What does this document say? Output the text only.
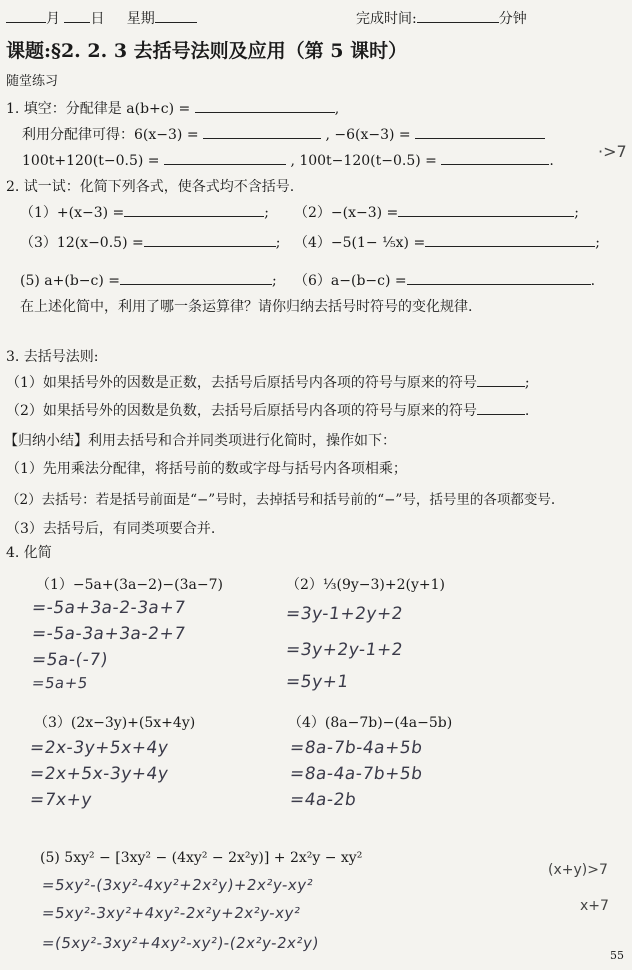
月 日 星期	完成时间:	分钟
课题:§2. 2. 3 去括号法则及应用（第 5 课时）
随堂练习
1. 填空：分配律是 a(b+c) =	,
利用分配律可得：6(x−3) =	, −6(x−3) =
100t+120(t−0.5) =	, 100t−120(t−0.5) =	.	·>7
2. 试一试：化简下列各式，使各式均不含括号.
（1）+(x−3) =	; （2）−(x−3) =	;
（3）12(x−0.5) =	; （4）−5(1− ⅕x) =	;
(5) a+(b−c) =	; （6）a−(b−c) =	.
在上述化简中，利用了哪一条运算律？请你归纳去括号时符号的变化规律.
3. 去括号法则:
（1）如果括号外的因数是正数，去括号后原括号内各项的符号与原来的符号	;
（2）如果括号外的因数是负数，去括号后原括号内各项的符号与原来的符号	.
【归纳小结】利用去括号和合并同类项进行化简时，操作如下：
（1）先用乘法分配律，将括号前的数或字母与括号内各项相乘；
（2）去括号：若是括号前面是“−”号时，去掉括号和括号前的“−”号，括号里的各项都变号.
（3）去括号后，有同类项要合并.
4. 化简
（1）−5a+(3a−2)−(3a−7)
=-5a+3a-2-3a+7
=-5a-3a+3a-2+7
=5a-(-7)
=5a+5
（2）⅓(9y−3)+2(y+1)
=3y-1+2y+2
=3y+2y-1+2
=5y+1
（3）(2x−3y)+(5x+4y)
=2x-3y+5x+4y
=2x+5x-3y+4y
=7x+y
（4）(8a−7b)−(4a−5b)
=8a-7b-4a+5b
=8a-4a-7b+5b
=4a-2b
(5) 5xy² − [3xy² − (4xy² − 2x²y)] + 2x²y − xy²
=5xy²-(3xy²-4xy²+2x²y)+2x²y-xy²
=5xy²-3xy²+4xy²-2x²y+2x²y-xy²
=(5xy²-3xy²+4xy²-xy²)-(2x²y-2x²y)
(x+y)>7
x+7
55
